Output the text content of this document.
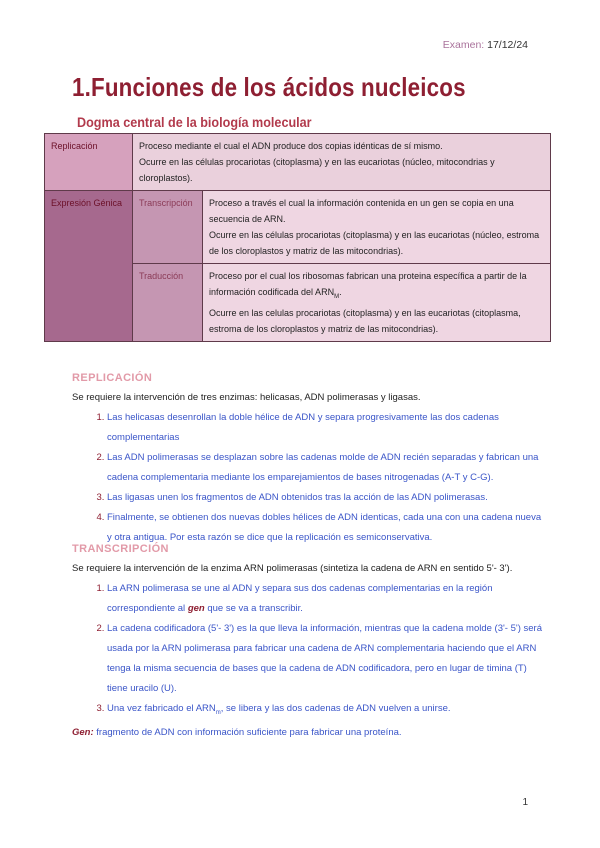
Examen: 17/12/24
1.Funciones de los ácidos nucleicos
Dogma central de la biología molecular
Replicación	Proceso mediante el cual el ADN produce dos copias idénticas de sí mismo.
Ocurre en las células procariotas (citoplasma) y en las eucariotas (núcleo, mitocondrias y cloroplastos).	
Expresión Génica	Transcripción	Proceso a través el cual la información contenida en un gen se copia en una secuencia de ARN.
Ocurre en las células procariotas (citoplasma) y en las eucariotas (núcleo, estroma de los cloroplastos y matriz de las mitocondrias).
	Traducción	Proceso por el cual los ribosomas fabrican una proteina específica a partir de la información codificada del $ARN_M$.
Ocurre en las celulas procariotas (citoplasma) y en las eucariotas (citoplasma, estroma de los cloroplastos y matriz de las mitocondrias).

REPLICACIÓN

Se requiere la intervención de tres enzimas: helicasas, ADN polimerasas y ligasas.

1. Las helicasas desenrollan la doble hélice de ADN y separa progresivamente las dos cadenas complementarias
2. Las ADN polimerasas se desplazan sobre las cadenas molde de ADN recién separadas y fabrican una cadena complementaria mediante los emparejamientos de bases nitrogenadas (A-T y C-G).
3. Las ligasas unen los fragmentos de ADN obtenidos tras la acción de las ADN polimerasas.
4. Finalmente, se obtienen dos nuevas dobles hélices de ADN identicas, cada una con una cadena nueva y otra antigua. Por esta razón se dice que la replicación es semiconservativa.

TRANSCRIPCIÓN

Se requiere la intervención de la enzima ARN polimerasas (sintetiza la cadena de ARN en sentido 5'- 3').

1. La ARN polimerasa se une al ADN y separa sus dos cadenas complementarias en la región correspondiente al gen que se va a transcribir.
2. La cadena codificadora (5'- 3') es la que lleva la información, mientras que la cadena molde (3'- 5') será usada por la ARN polimerasa para fabricar una cadena de ARN complementaria haciendo que el ARN tenga la misma secuencia de bases que la cadena de ADN codificadora, pero en lugar de timina (T) tiene uracilo (U).
3. Una vez fabricado el $ARN_m$, se libera y las dos cadenas de ADN vuelven a unirse.

Gen: fragmento de ADN con información suficiente para fabricar una proteína.

1
